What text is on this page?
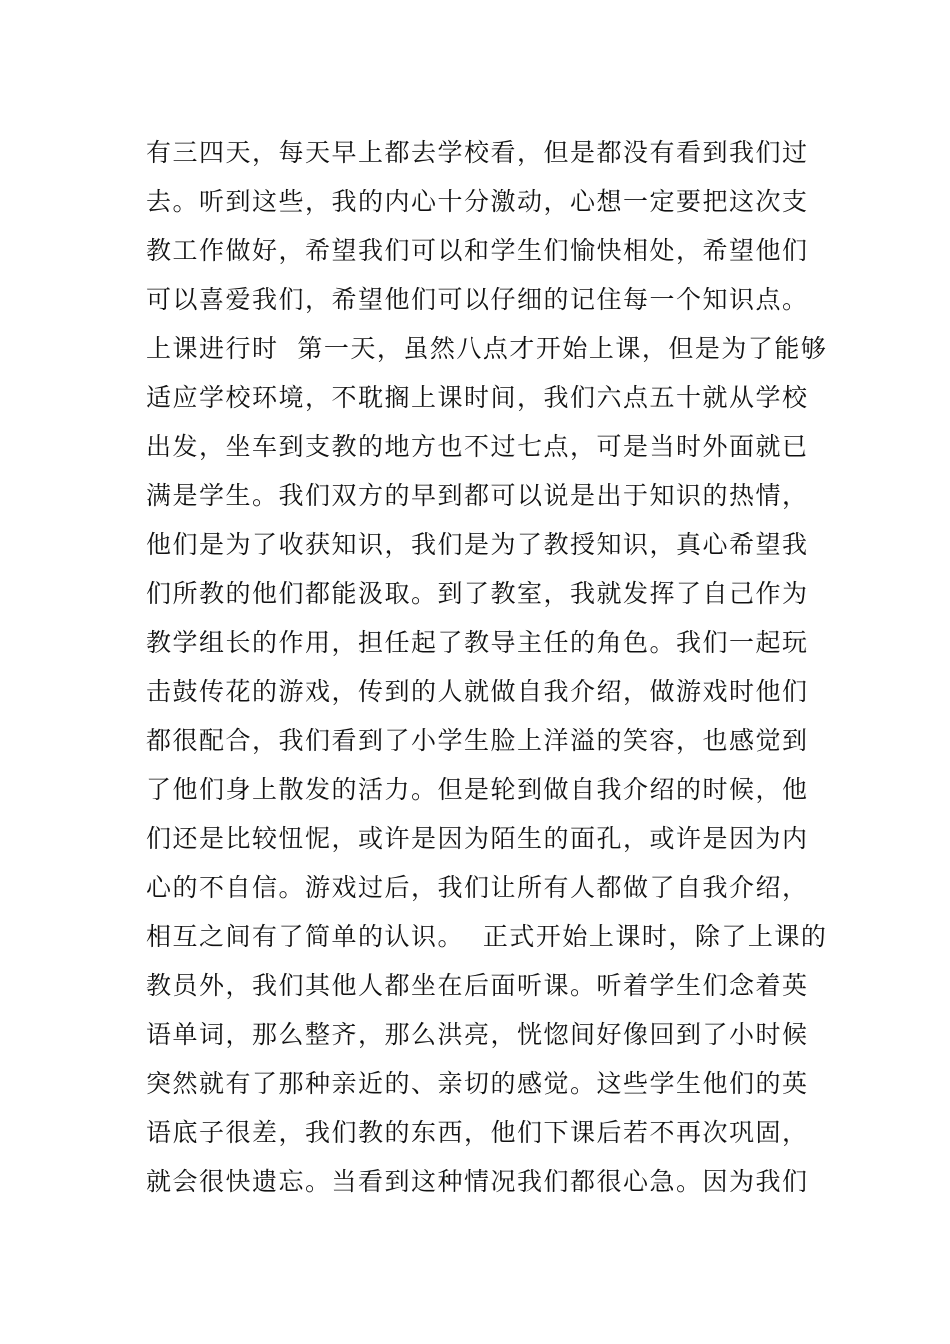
有三四天，每天早上都去学校看，但是都没有看到我们过
去。听到这些，我的内心十分激动，心想一定要把这次支
教工作做好，希望我们可以和学生们愉快相处，希望他们
可以喜爱我们，希望他们可以仔细的记住每一个知识点。
上课进行时  第一天，虽然八点才开始上课，但是为了能够
适应学校环境，不耽搁上课时间，我们六点五十就从学校
出发，坐车到支教的地方也不过七点，可是当时外面就已
满是学生。我们双方的早到都可以说是出于知识的热情，
他们是为了收获知识，我们是为了教授知识，真心希望我
们所教的他们都能汲取。到了教室，我就发挥了自己作为
教学组长的作用，担任起了教导主任的角色。我们一起玩
击鼓传花的游戏，传到的人就做自我介绍，做游戏时他们
都很配合，我们看到了小学生脸上洋溢的笑容，也感觉到
了他们身上散发的活力。但是轮到做自我介绍的时候，他
们还是比较忸怩，或许是因为陌生的面孔，或许是因为内
心的不自信。游戏过后，我们让所有人都做了自我介绍，
相互之间有了简单的认识。  正式开始上课时，除了上课的
教员外，我们其他人都坐在后面听课。听着学生们念着英
语单词，那么整齐，那么洪亮，恍惚间好像回到了小时候
突然就有了那种亲近的、亲切的感觉。这些学生他们的英
语底子很差，我们教的东西，他们下课后若不再次巩固，
就会很快遗忘。当看到这种情况我们都很心急。因为我们
